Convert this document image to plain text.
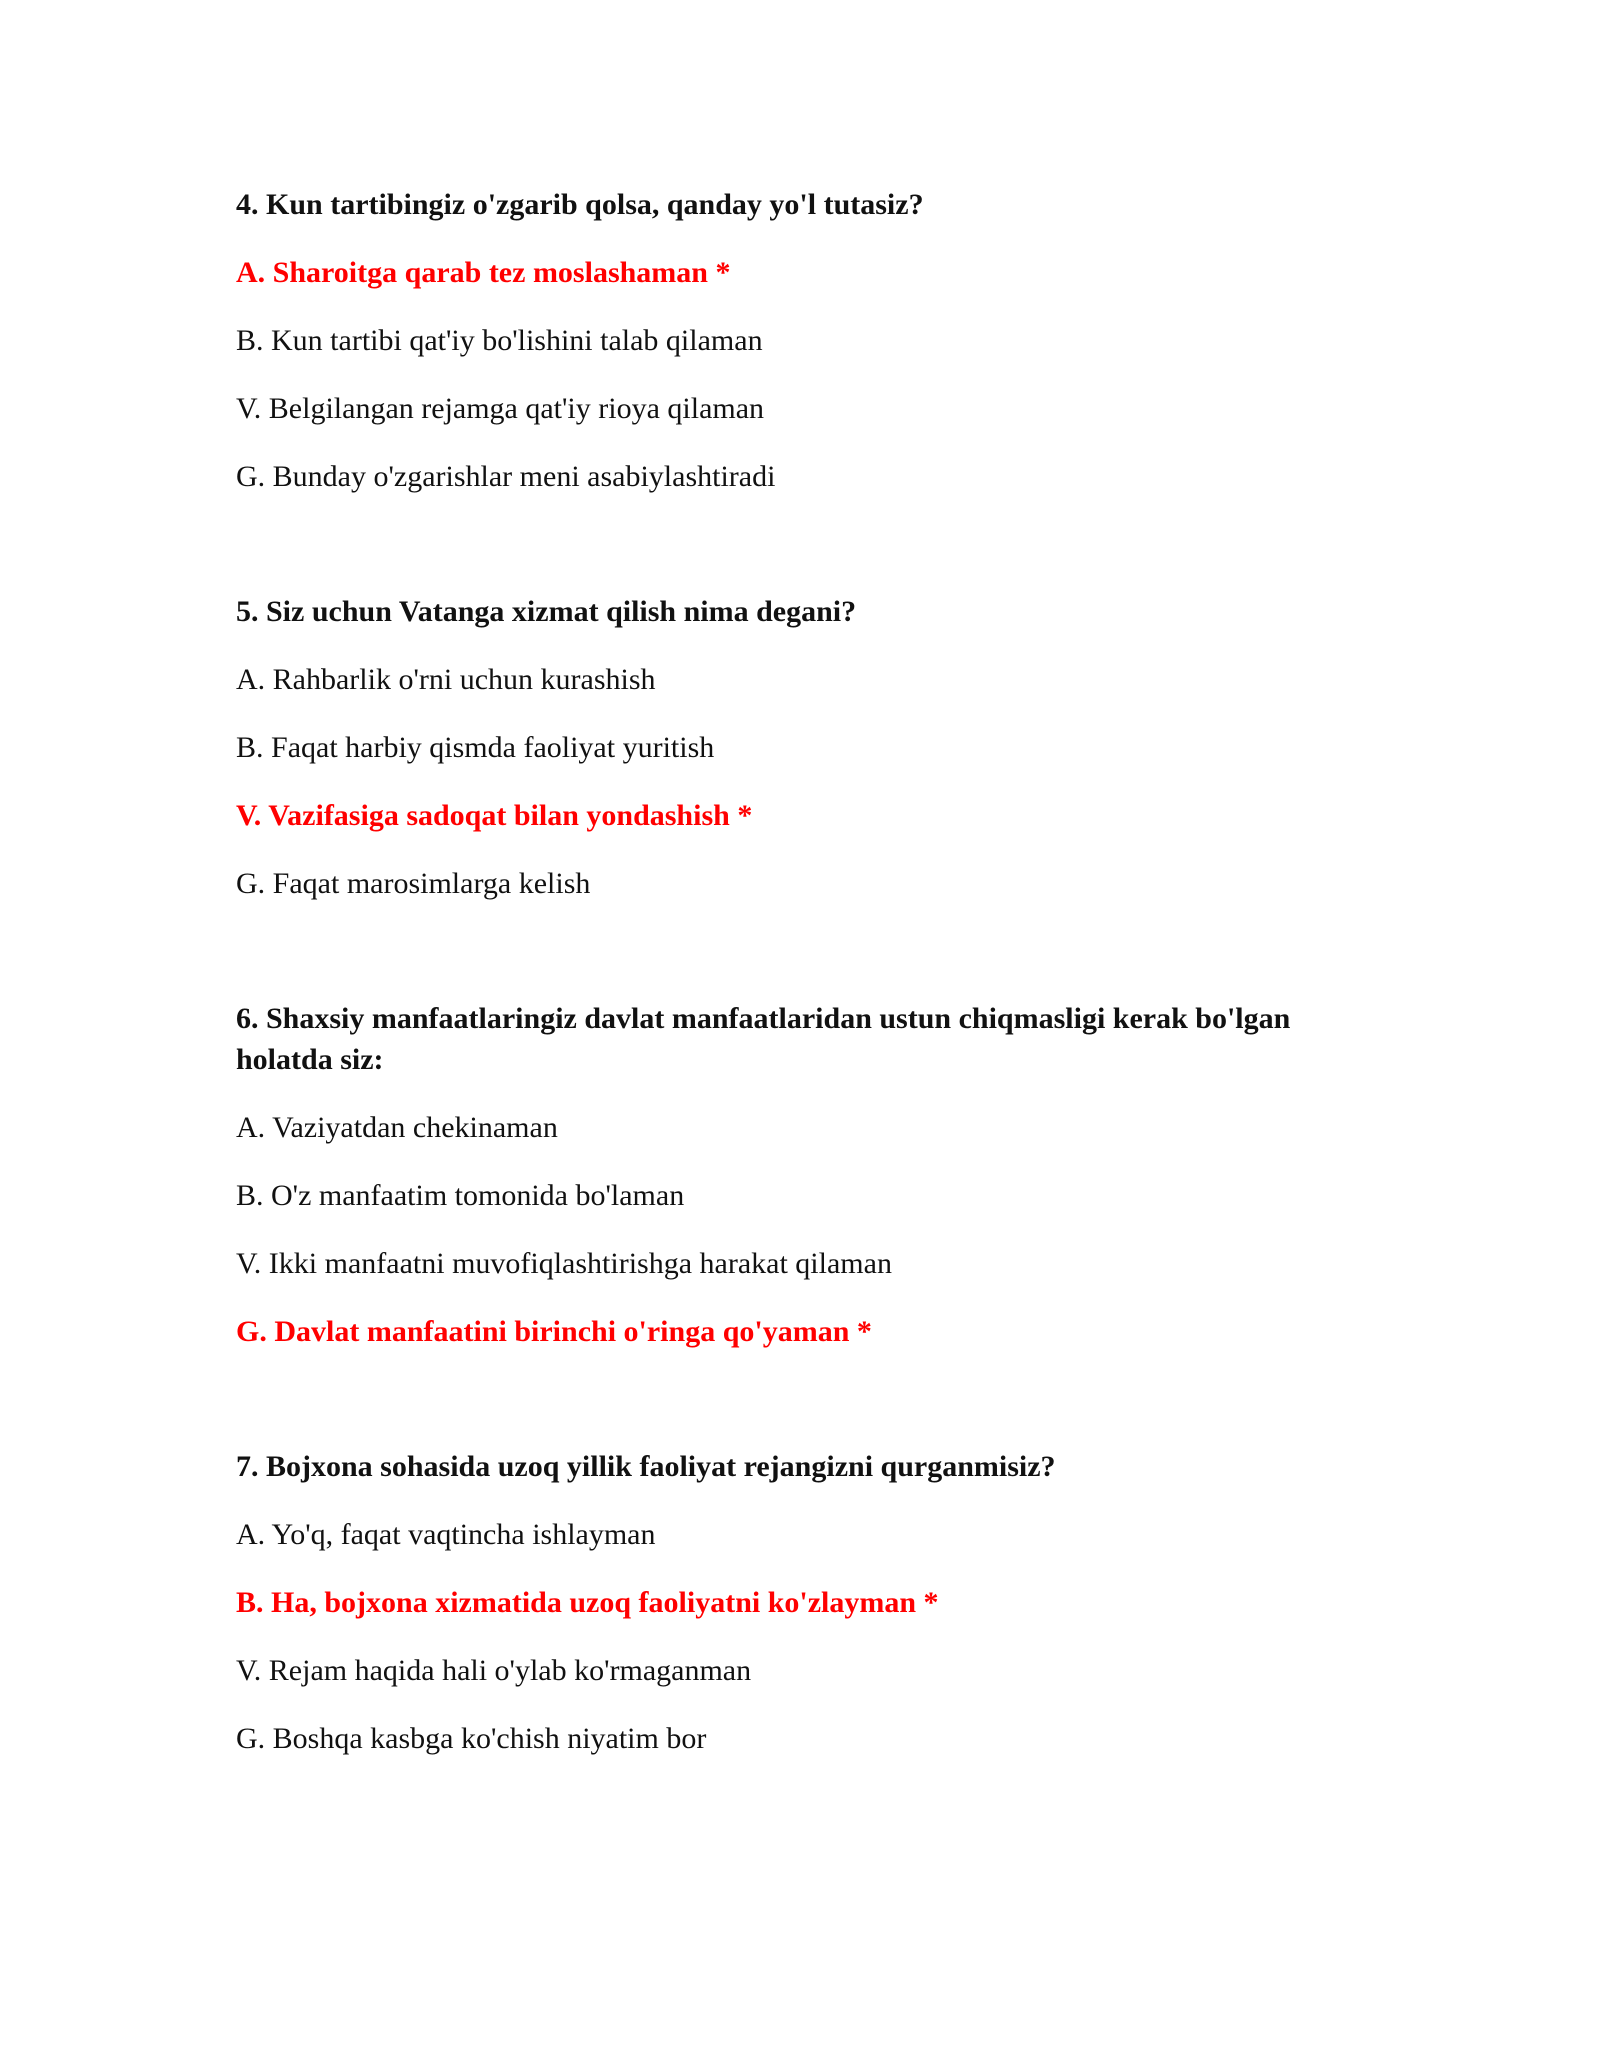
4. Kun tartibingiz o'zgarib qolsa, qanday yo'l tutasiz?
A. Sharoitga qarab tez moslashaman *
B. Kun tartibi qat'iy bo'lishini talab qilaman
V. Belgilangan rejamga qat'iy rioya qilaman
G. Bunday o'zgarishlar meni asabiylashtiradi
5. Siz uchun Vatanga xizmat qilish nima degani?
A. Rahbarlik o'rni uchun kurashish
B. Faqat harbiy qismda faoliyat yuritish
V. Vazifasiga sadoqat bilan yondashish *
G. Faqat marosimlarga kelish
6. Shaxsiy manfaatlaringiz davlat manfaatlaridan ustun chiqmasligi kerak bo'lgan holatda siz:
A. Vaziyatdan chekinaman
B. O'z manfaatim tomonida bo'laman
V. Ikki manfaatni muvofiqlashtirishga harakat qilaman
G. Davlat manfaatini birinchi o'ringa qo'yaman *
7. Bojxona sohasida uzoq yillik faoliyat rejangizni qurganmisiz?
A. Yo'q, faqat vaqtincha ishlayman
B. Ha, bojxona xizmatida uzoq faoliyatni ko'zlayman *
V. Rejam haqida hali o'ylab ko'rmaganman
G. Boshqa kasbga ko'chish niyatim bor
